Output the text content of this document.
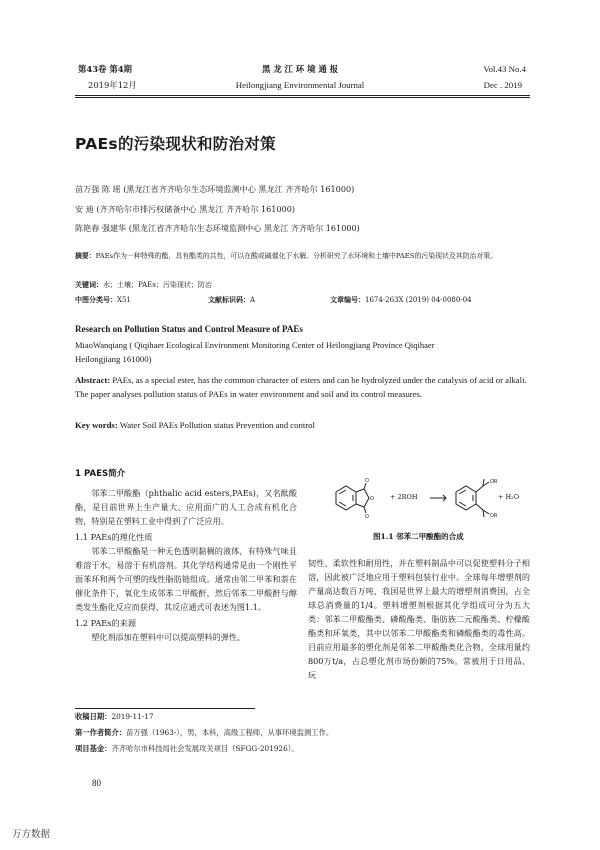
第43卷 第4期
2019年12月
黑 龙 江 环 境 通 报
Heilongjiang Environmental Journal
Vol.43 No.4
Dec . 2019
PAEs的污染现状和防治对策
苗万强 陈 瑶 (黑龙江省齐齐哈尔生态环境监测中心 黑龙江 齐齐哈尔 161000)
安 迪 (齐齐哈尔市排污权储备中心 黑龙江 齐齐哈尔 161000)
陈艳春 强建华 (黑龙江省齐齐哈尔生态环境监测中心 黑龙江 齐齐哈尔 161000)
摘要：PAEs作为一种特殊的酯，具有酯类的共性，可以在酸或碱催化下水解。分析研究了水环境和土壤中PAES的污染现状及其防治对策。
关键词：水；土壤；PAEs；污染现状；防治
中图分类号：X51	文献标识码：A	文章编号：1674-263X (2019) 04-0080-04
Research on Pollution Status and Control Measure of PAEs
MiaoWanqiang ( Qiqihaer Ecological Environment Monitoring Center of Heilongjiang Province Qiqihaer
Heilongjiang 161000)
Abstract: PAEs, as a special ester, has the common character of esters and can be hydrolyzed under the catalysis of acid or alkali. The paper analyses pollution status of PAEs in water environment and soil and its control measures.
Key words: Water Soil PAEs Pollution status Prevention and control
1 PAES简介

邻苯二甲酸酯（phthalic acid esters,PAEs)，又名酞酸酯，是目前世界上生产量大、应用面广的人工合成有机化合物，特别是在塑料工业中得到了广泛应用。

1.1 PAEs的理化性质

邻苯二甲酸酯是一种无色透明黏稠的液体，有特殊气味且难溶于水，易溶于有机溶剂。其化学结构通常是由一个刚性平面苯环和两个可塑的线性脂肪链组成。通常由邻二甲苯和萘在催化条件下，氧化生成邻苯二甲酸酐，然后邻苯二甲酸酐与醇类发生酯化反应而获得，其反应通式可表述为图1.1。

1.2 PAEs的来源

塑化剂添加在塑料中可以提高塑料的弹性、

O
O
O
OR
OR
+ 2ROH	+ H₂O
图1.1 邻苯二甲酸酯的合成

韧性、柔软性和耐用性，并在塑料制品中可以促使塑料分子相溶，因此被广泛地应用于塑料包装行业中。全球每年增塑剂的产量高达数百万吨，我国是世界上最大的增塑剂消费国，占全球总消费量的1/4。塑料增塑剂根据其化学组成可分为五大类：邻苯二甲酸酯类、磷酸酯类、脂肪族二元酸酯类、柠檬酸酯类和环氧类，其中以邻苯二甲酸酯类和磷酸酯类的毒性高。目前应用最多的塑化剂是邻苯二甲酸酯类化合物，全球用量约800万t/a，占总塑化剂市场份额的75%。常被用于日用品、玩

收稿日期：2019-11-17
第一作者简介：苗万强（1963-），男，本科，高级工程师，从事环境监测工作。
项目基金：齐齐哈尔市科技局社会发展攻关项目（SFGG-201926）。
80
万方数据
